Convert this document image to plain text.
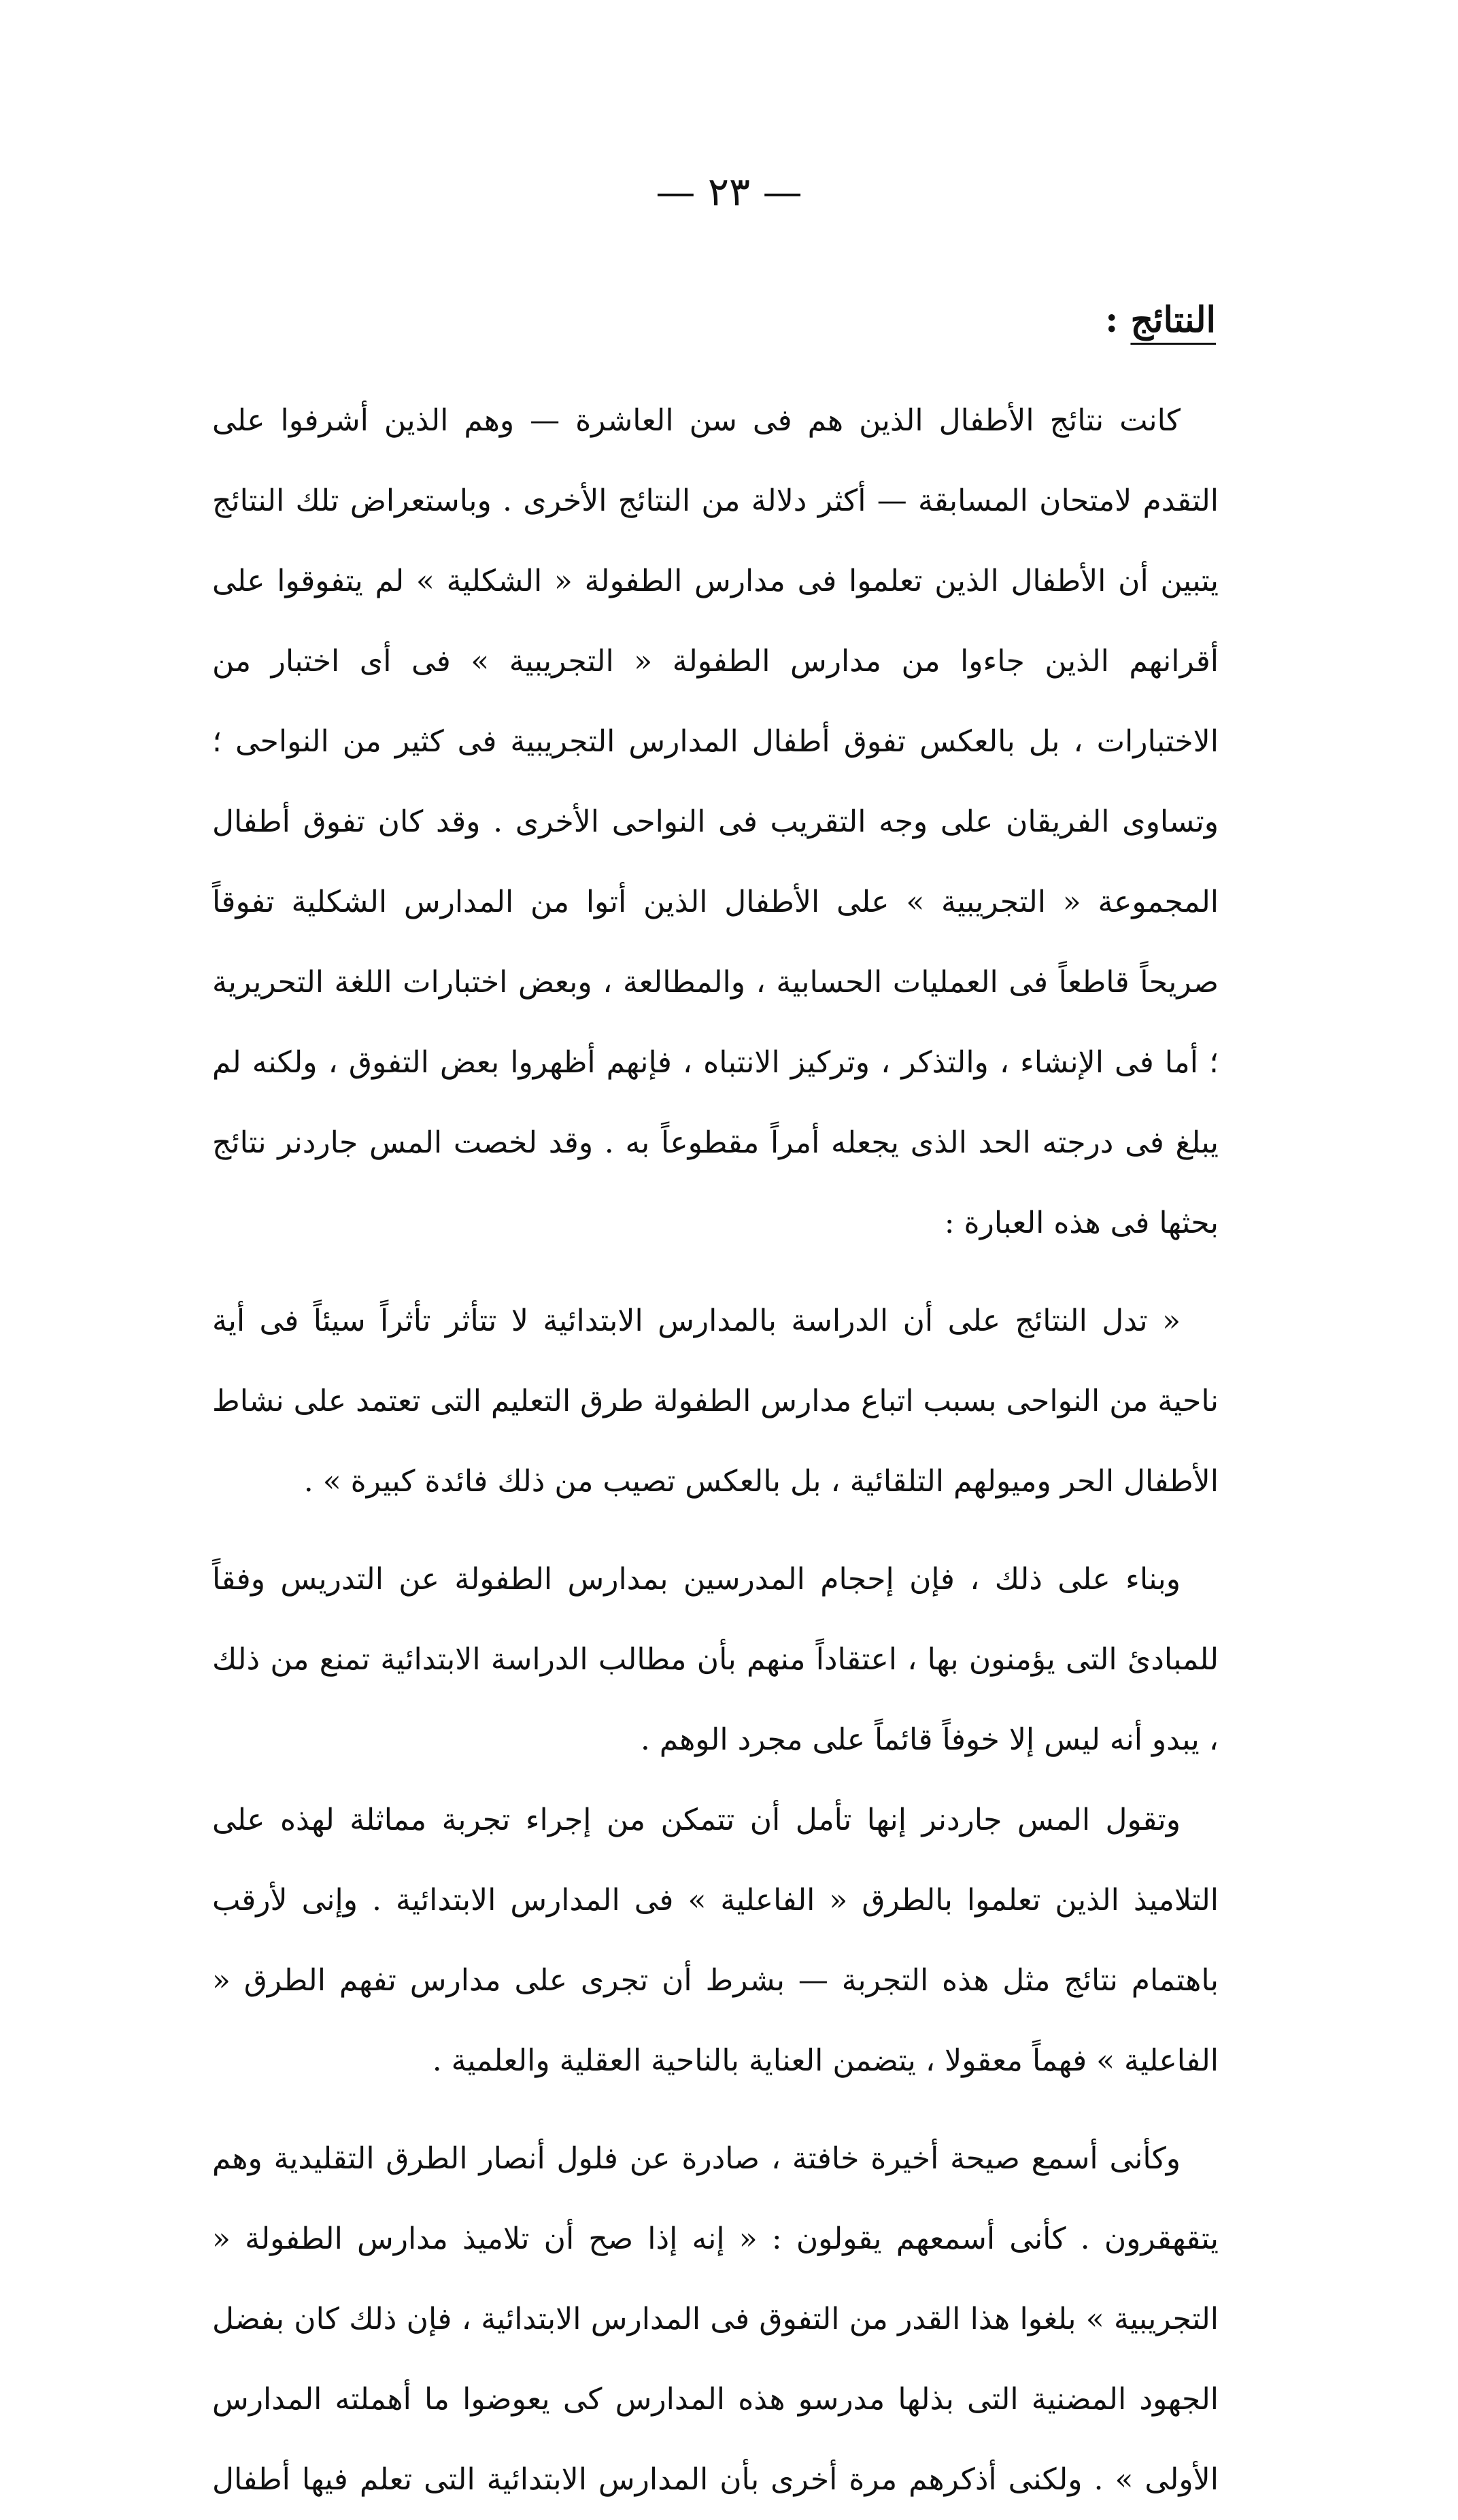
— ٢٣ —
النتائج :

كانت نتائج الأطفال الذين هم فى سن العاشرة — وهم الذين أشرفوا على التقدم لامتحان المسابقة — أكثر دلالة من النتائج الأخرى . وباستعراض تلك النتائج يتبين أن الأطفال الذين تعلموا فى مدارس الطفولة « الشكلية » لم يتفوقوا على أقرانهم الذين جاءوا من مدارس الطفولة « التجريبية » فى أى اختبار من الاختبارات ، بل بالعكس تفوق أطفال المدارس التجريبية فى كثير من النواحى ؛ وتساوى الفريقان على وجه التقريب فى النواحى الأخرى . وقد كان تفوق أطفال المجموعة « التجريبية » على الأطفال الذين أتوا من المدارس الشكلية تفوقاً صريحاً قاطعاً فى العمليات الحسابية ، والمطالعة ، وبعض اختبارات اللغة التحريرية ؛ أما فى الإنشاء ، والتذكر ، وتركيز الانتباه ، فإنهم أظهروا بعض التفوق ، ولكنه لم يبلغ فى درجته الحد الذى يجعله أمراً مقطوعاً به . وقد لخصت المس جاردنر نتائج بحثها فى هذه العبارة :

« تدل النتائج على أن الدراسة بالمدارس الابتدائية لا تتأثر تأثراً سيئاً فى أية ناحية من النواحى بسبب اتباع مدارس الطفولة طرق التعليم التى تعتمد على نشاط الأطفال الحر وميولهم التلقائية ، بل بالعكس تصيب من ذلك فائدة كبيرة » .

وبناء على ذلك ، فإن إحجام المدرسين بمدارس الطفولة عن التدريس وفقاً للمبادئ التى يؤمنون بها ، اعتقاداً منهم بأن مطالب الدراسة الابتدائية تمنع من ذلك ، يبدو أنه ليس إلا خوفاً قائماً على مجرد الوهم .

وتقول المس جاردنر إنها تأمل أن تتمكن من إجراء تجربة مماثلة لهذه على التلاميذ الذين تعلموا بالطرق « الفاعلية » فى المدارس الابتدائية . وإنى لأرقب باهتمام نتائج مثل هذه التجربة — بشرط أن تجرى على مدارس تفهم الطرق « الفاعلية » فهماً معقولا ، يتضمن العناية بالناحية العقلية والعلمية .

وكأنى أسمع صيحة أخيرة خافتة ، صادرة عن فلول أنصار الطرق التقليدية وهم يتقهقرون . كأنى أسمعهم يقولون : « إنه إذا صح أن تلاميذ مدارس الطفولة « التجريبية » بلغوا هذا القدر من التفوق فى المدارس الابتدائية ، فإن ذلك كان بفضل الجهود المضنية التى بذلها مدرسو هذه المدارس كى يعوضوا ما أهملته المدارس الأولى » . ولكنى أذكرهم مرة أخرى بأن المدارس الابتدائية التى تعلم فيها أطفال
